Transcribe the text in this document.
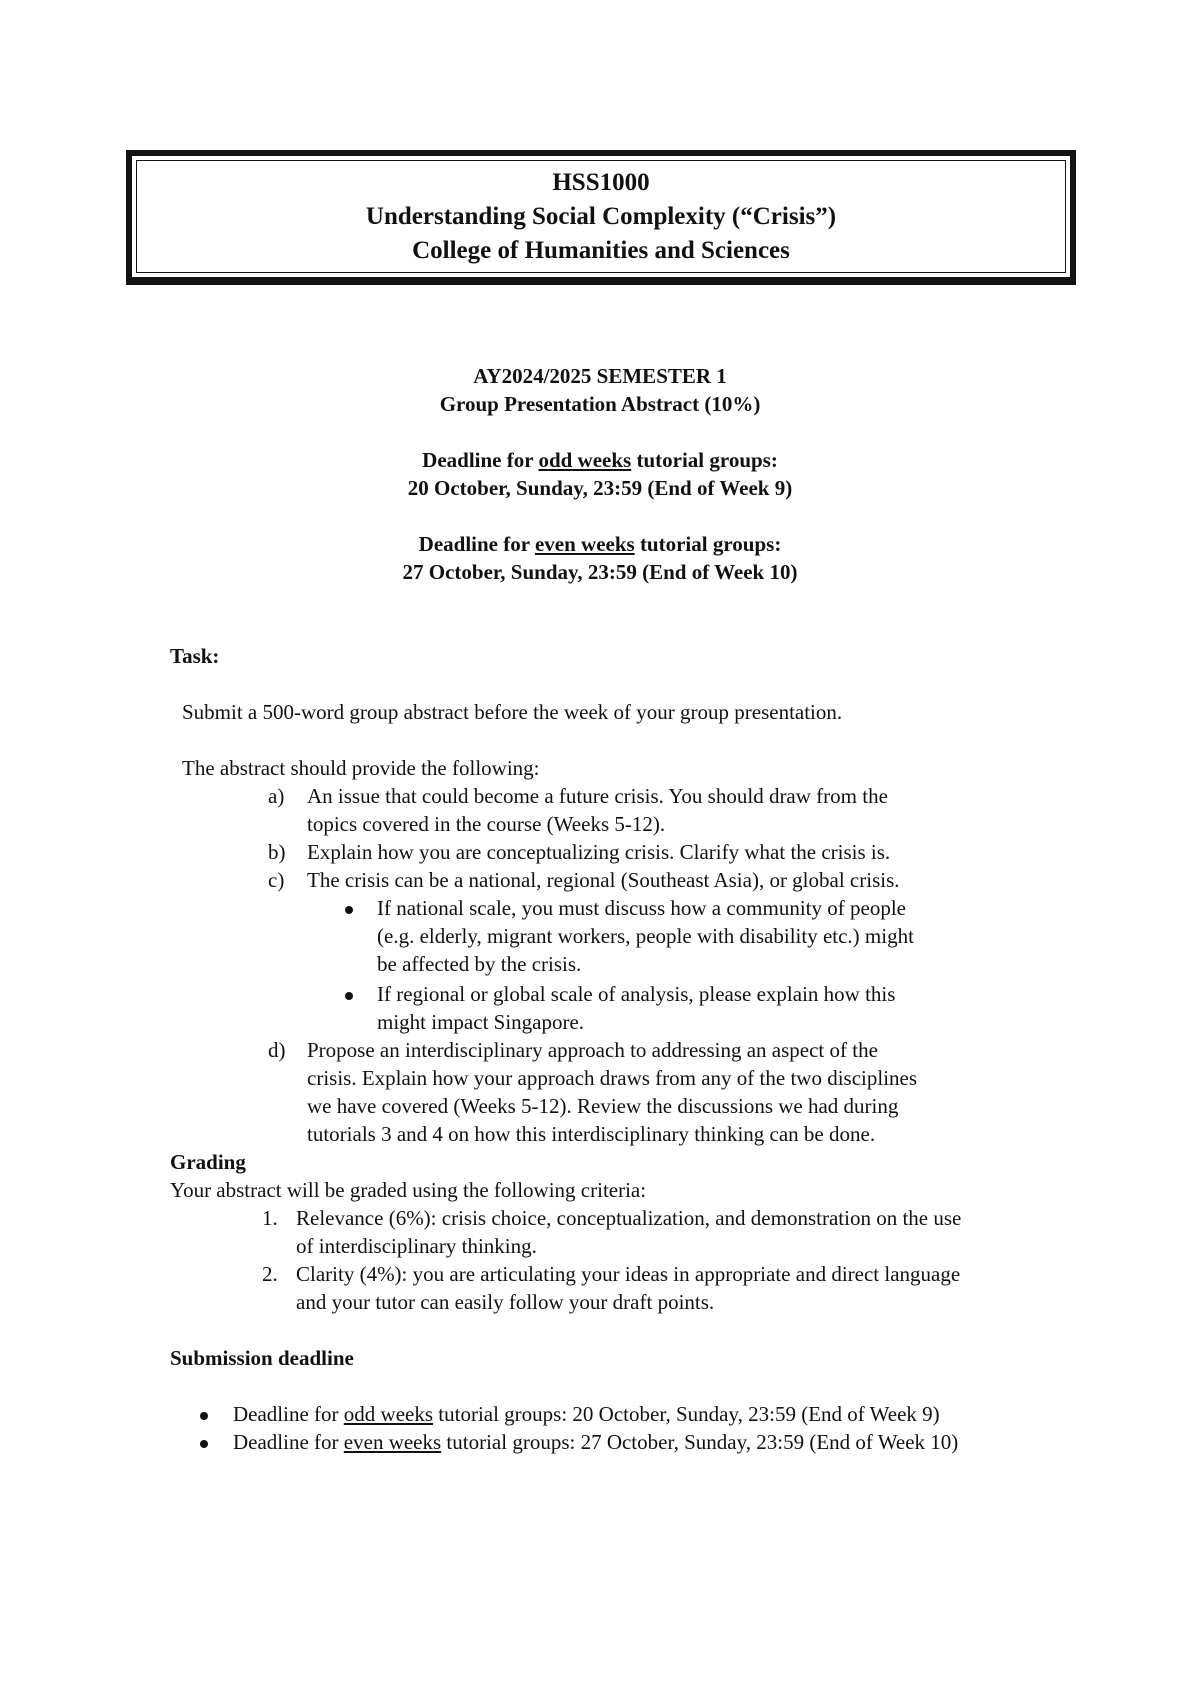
HSS1000
Understanding Social Complexity (“Crisis”)
College of Humanities and Sciences
AY2024/2025 SEMESTER 1
Group Presentation Abstract (10%)
Deadline for odd weeks tutorial groups:
20 October, Sunday, 23:59 (End of Week 9)
Deadline for even weeks tutorial groups:
27 October, Sunday, 23:59 (End of Week 10)
Task:
Submit a 500-word group abstract before the week of your group presentation.
The abstract should provide the following:
a) An issue that could become a future crisis. You should draw from the
topics covered in the course (Weeks 5-12).
b) Explain how you are conceptualizing crisis. Clarify what the crisis is.
c) The crisis can be a national, regional (Southeast Asia), or global crisis.
If national scale, you must discuss how a community of people
(e.g. elderly, migrant workers, people with disability etc.) might
be affected by the crisis.
If regional or global scale of analysis, please explain how this
might impact Singapore.
d) Propose an interdisciplinary approach to addressing an aspect of the
crisis. Explain how your approach draws from any of the two disciplines
we have covered (Weeks 5-12). Review the discussions we had during
tutorials 3 and 4 on how this interdisciplinary thinking can be done.
Grading
Your abstract will be graded using the following criteria:
1. Relevance (6%): crisis choice, conceptualization, and demonstration on the use
of interdisciplinary thinking.
2. Clarity (4%): you are articulating your ideas in appropriate and direct language
and your tutor can easily follow your draft points.
Submission deadline
Deadline for odd weeks tutorial groups: 20 October, Sunday, 23:59 (End of Week 9)
Deadline for even weeks tutorial groups: 27 October, Sunday, 23:59 (End of Week 10)
